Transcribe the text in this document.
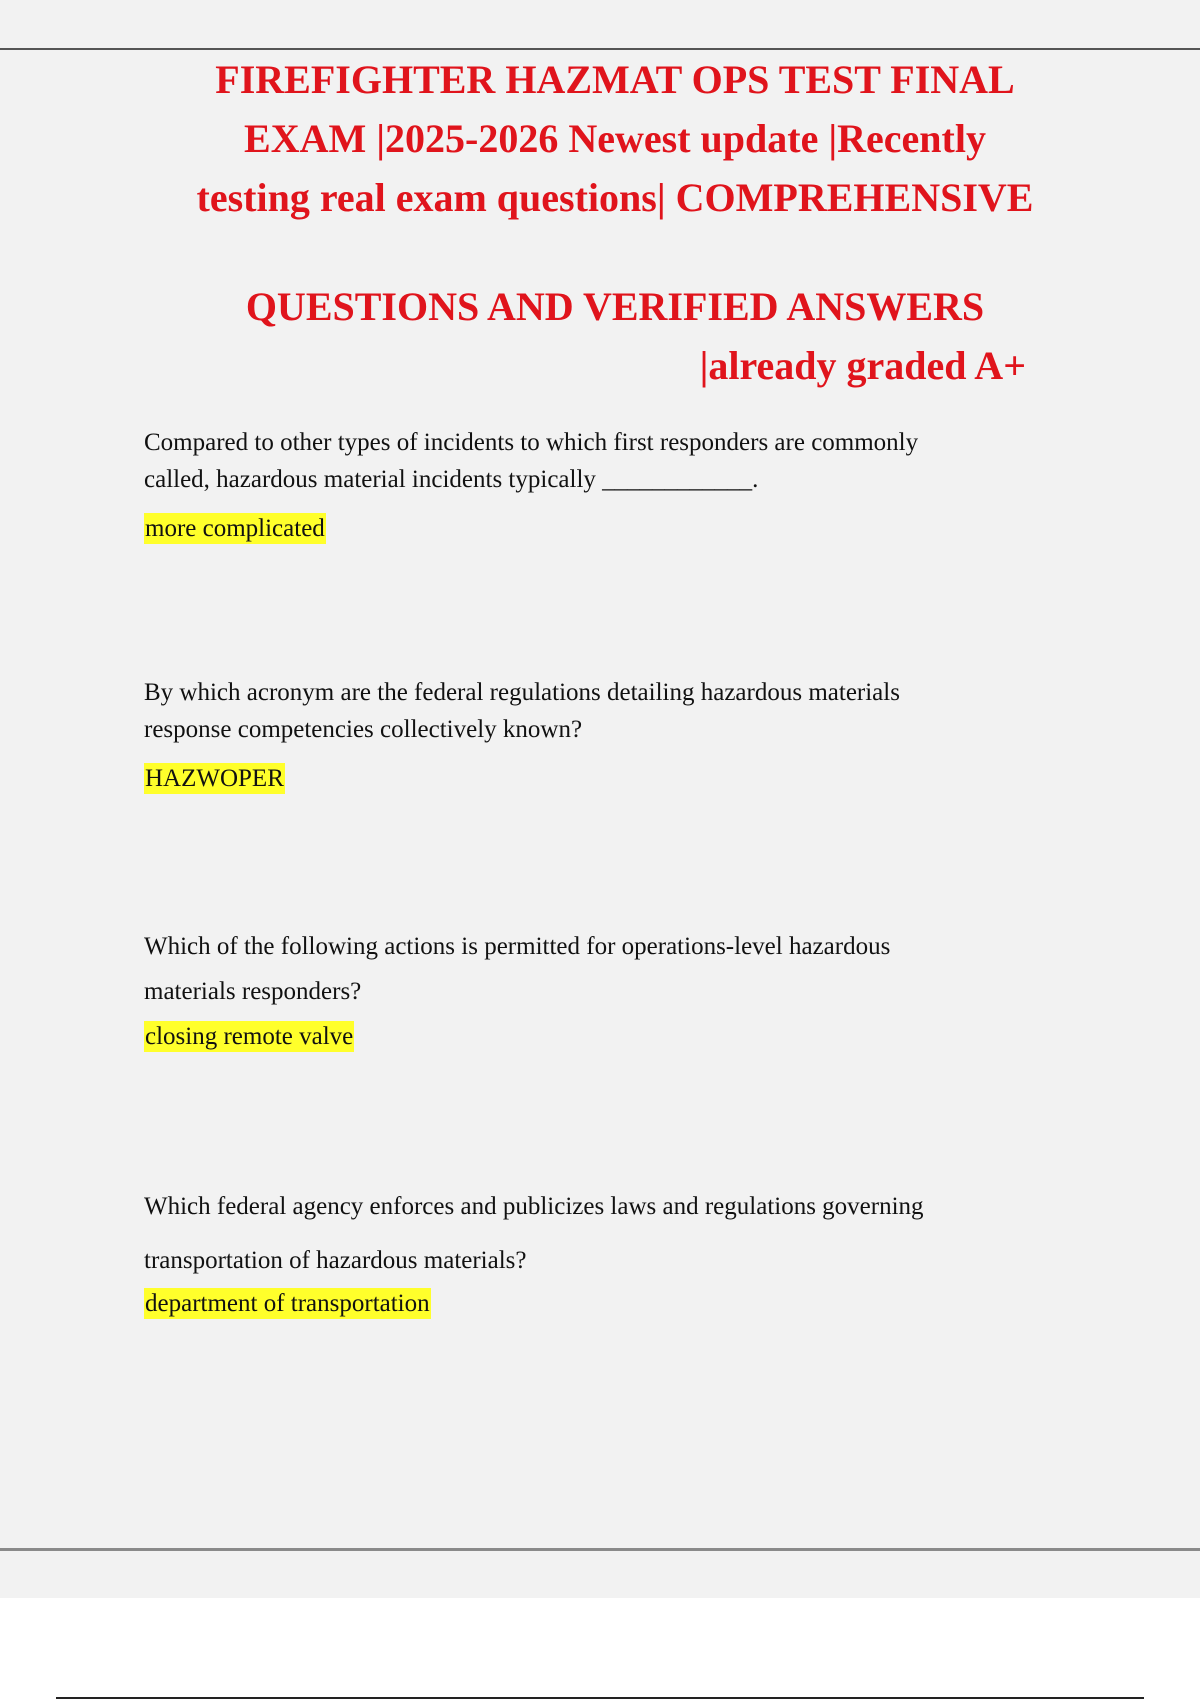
FIREFIGHTER HAZMAT OPS TEST FINAL
EXAM |2025-2026 Newest update |Recently
testing real exam questions| COMPREHENSIVE
QUESTIONS AND VERIFIED ANSWERS
|already graded A+

Compared to other types of incidents to which first responders are commonly
called, hazardous material incidents typically ____________.

more complicated

By which acronym are the federal regulations detailing hazardous materials
response competencies collectively known?

HAZWOPER

Which of the following actions is permitted for operations-level hazardous
materials responders?

closing remote valve

Which federal agency enforces and publicizes laws and regulations governing
transportation of hazardous materials?

department of transportation
